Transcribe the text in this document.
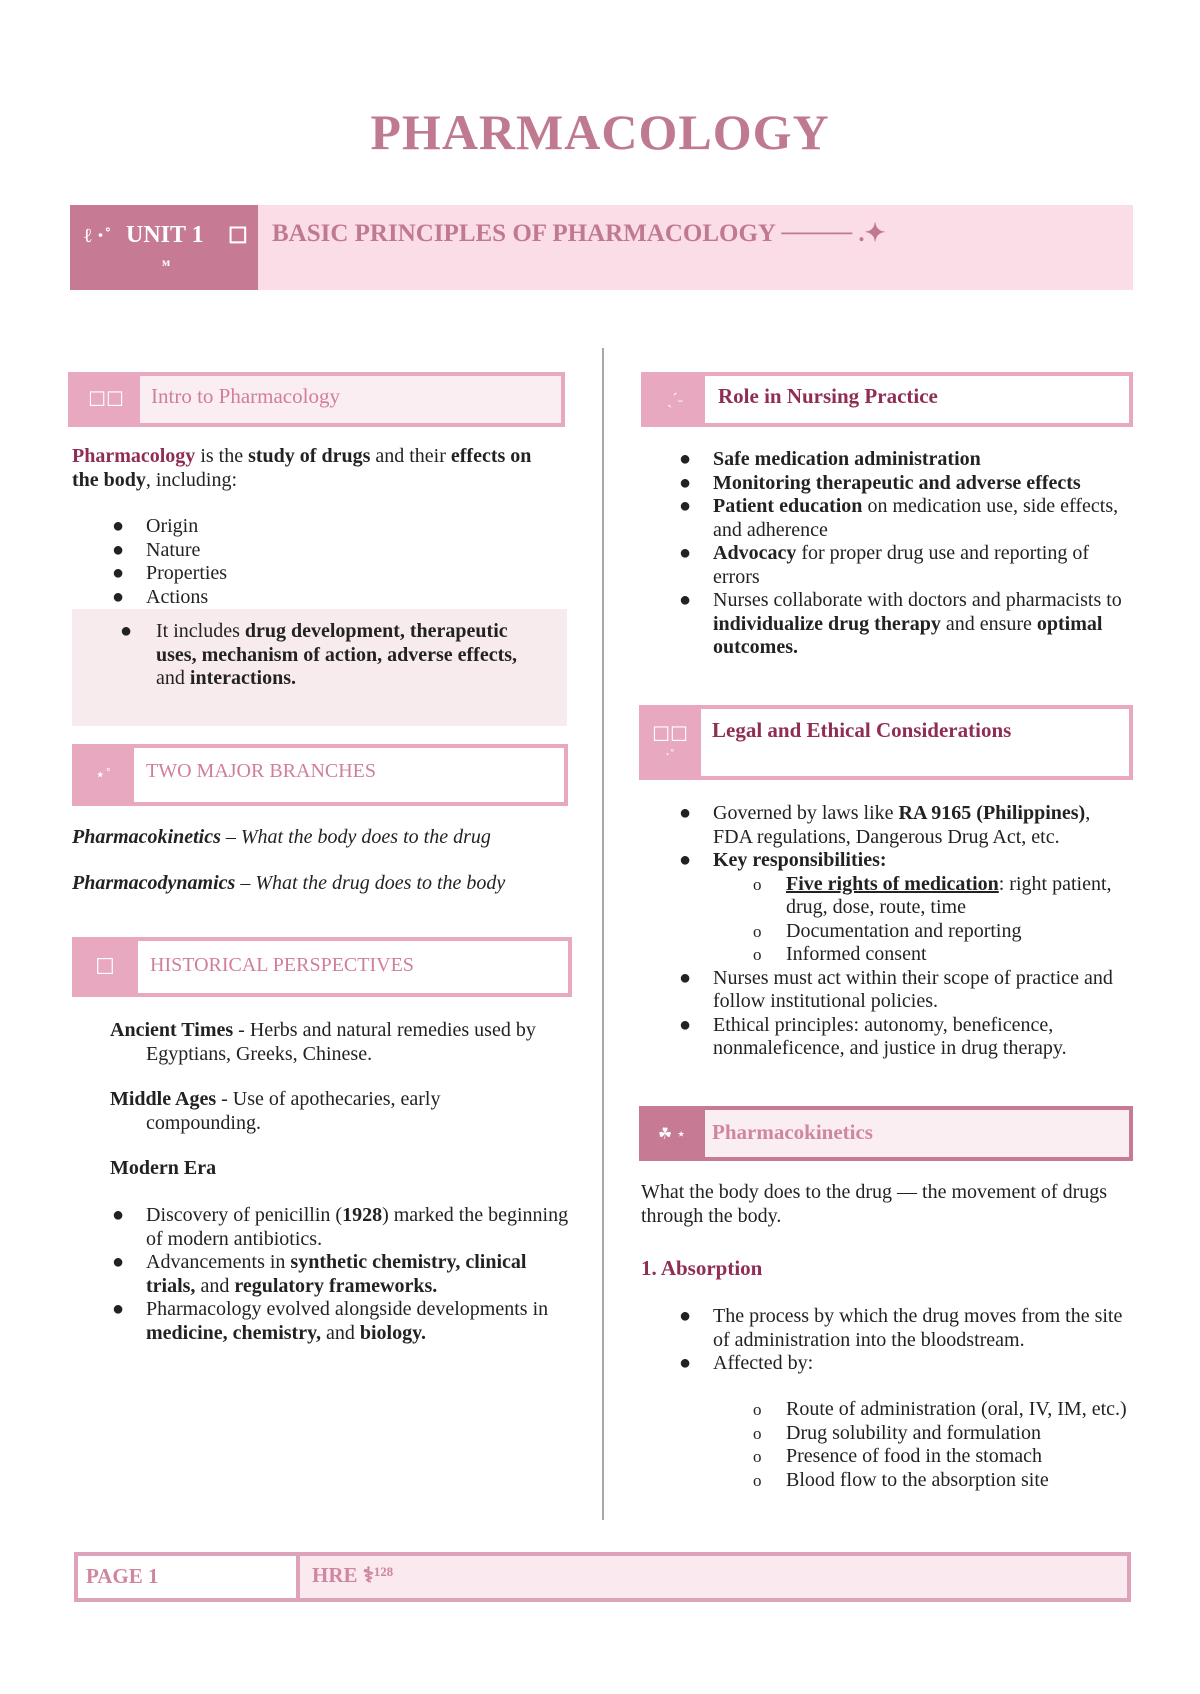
PHARMACOLOGY
ℓ ⋅˚ UNIT 1 ☐
ᴍ
BASIC PRINCIPLES OF PHARMACOLOGY ──── .✦
☐☐	Intro to Pharmacology
Pharmacology is the study of drugs and their effects on the body, including:
● Origin
● Nature
● Properties
● Actions
● It includes drug development, therapeutic uses, mechanism of action, adverse effects, and interactions.
⋆˚	TWO MAJOR BRANCHES
Pharmacokinetics – What the body does to the drug
Pharmacodynamics – What the drug does to the body
☐	HISTORICAL PERSPECTIVES
Ancient Times - Herbs and natural remedies used by Egyptians, Greeks, Chinese.
Middle Ages - Use of apothecaries, early compounding.
Modern Era
● Discovery of penicillin (1928) marked the beginning of modern antibiotics.
● Advancements in synthetic chemistry, clinical trials, and regulatory frameworks.
● Pharmacology evolved alongside developments in medicine, chemistry, and biology.
ˎˊ˗	Role in Nursing Practice
● Safe medication administration
● Monitoring therapeutic and adverse effects
● Patient education on medication use, side effects, and adherence
● Advocacy for proper drug use and reporting of errors
● Nurses collaborate with doctors and pharmacists to individualize drug therapy and ensure optimal outcomes.
☐☐
⋅˚
Legal and Ethical Considerations
● Governed by laws like RA 9165 (Philippines), FDA regulations, Dangerous Drug Act, etc.
● Key responsibilities:
o Five rights of medication: right patient, drug, dose, route, time
o Documentation and reporting
o Informed consent
● Nurses must act within their scope of practice and follow institutional policies.
● Ethical principles: autonomy, beneficence, nonmaleficence, and justice in drug therapy.
☘︎ ⋆	Pharmacokinetics
What the body does to the drug — the movement of drugs through the body.
1. Absorption
● The process by which the drug moves from the site of administration into the bloodstream.
● Affected by:
o Route of administration (oral, IV, IM, etc.)
o Drug solubility and formulation
o Presence of food in the stomach
o Blood flow to the absorption site
PAGE 1	HRE ⚕¹²⁸
